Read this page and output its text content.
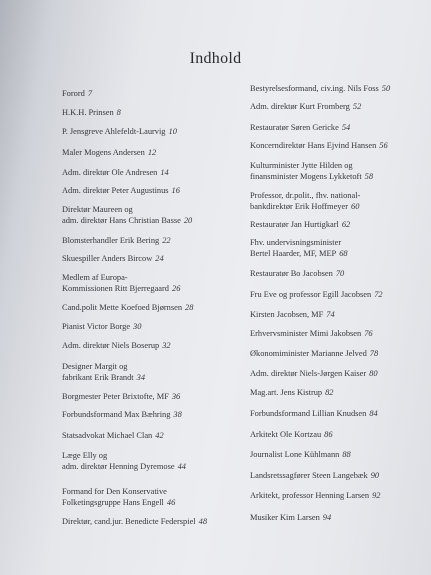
Indhold
Forord 7
H.K.H. Prinsen 8
P. Jensgreve Ahlefeldt-Laurvig 10
Maler Mogens Andersen 12
Adm. direktør Ole Andresen 14
Adm. direktør Peter Augustinus 16
Direktør Maureen og
adm. direktør Hans Christian Basse 20
Blomsterhandler Erik Bering 22
Skuespiller Anders Bircow 24
Medlem af Europa-
Kommissionen Ritt Bjerregaard 26
Cand.polit Mette Koefoed Bjørnsen 28
Pianist Victor Borge 30
Adm. direktør Niels Boserup 32
Designer Margit og
fabrikant Erik Brandt 34
Borgmester Peter Brixtofte, MF 36
Forbundsformand Max Bæhring 38
Statsadvokat Michael Clan 42
Læge Elly og
adm. direktør Henning Dyremose 44
Formand for Den Konservative
Folketingsgruppe Hans Engell 46
Direktør, cand.jur. Benedicte Federspiel 48
Bestyrelsesformand, civ.ing. Nils Foss 50
Adm. direktør Kurt Fromberg 52
Restauratør Søren Gericke 54
Koncerndirektør Hans Ejvind Hansen 56
Kulturminister Jytte Hilden og
finansminister Mogens Lykketoft 58
Professor, dr.polit., fhv. national-
bankdirektør Erik Hoffmeyer 60
Restauratør Jan Hurtigkarl 62
Fhv. undervisningsminister
Bertel Haarder, MF, MEP 68
Restauratør Bo Jacobsen 70
Fru Eve og professor Egill Jacobsen 72
Kirsten Jacobsen, MF 74
Erhvervsminister Mimi Jakobsen 76
Økonomiminister Marianne Jelved 78
Adm. direktør Niels-Jørgen Kaiser 80
Mag.art. Jens Kistrup 82
Forbundsformand Lillian Knudsen 84
Arkitekt Ole Kortzau 86
Journalist Lone Kühlmann 88
Landsretssagfører Steen Langebæk 90
Arkitekt, professor Henning Larsen 92
Musiker Kim Larsen 94
